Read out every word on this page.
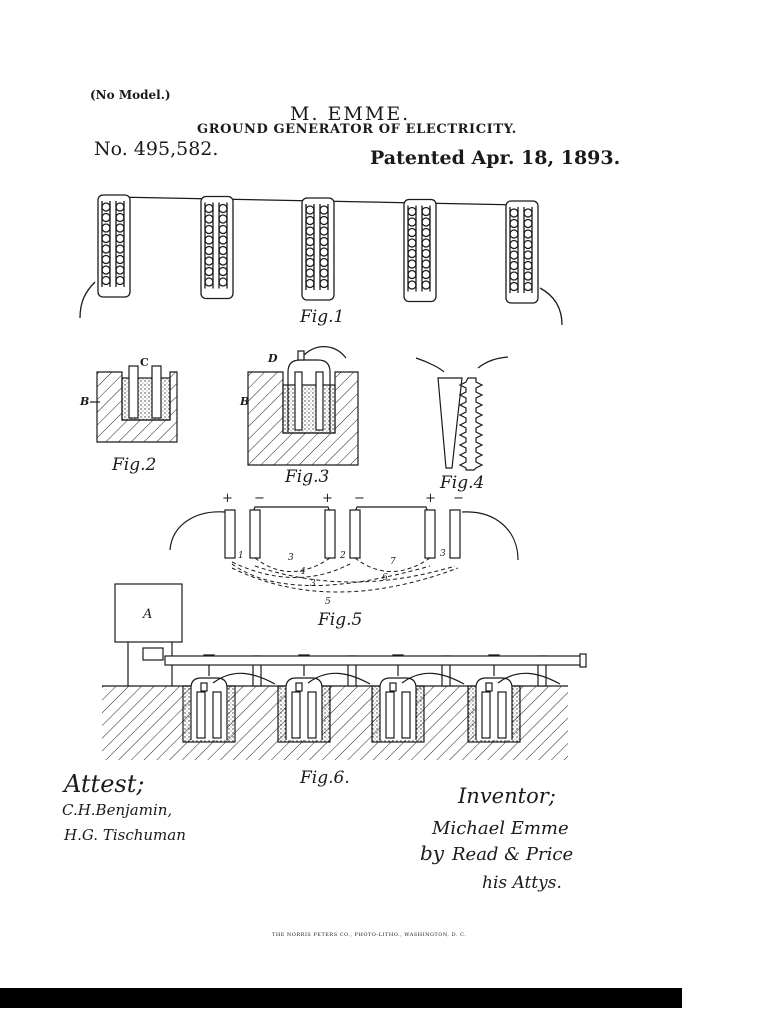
(No Model.)
M. EMME.
GROUND GENERATOR OF ELECTRICITY.
No. 495,582.	Patented Apr. 18, 1893.
Fig.1
C
B
Fig.2
D
B
Fig.3	Fig.4
+ −	+ −	+ −
1	3	2
7
3
4
6
3
5
Fig.5
A
Fig.6.
Attest;
C.H.Benjamin,
H.G. Tischuman
Inventor;
Michael Emme
by Read & Price
his Attys.
THE NORRIS PETERS CO., PHOTO-LITHO., WASHINGTON, D. C.
